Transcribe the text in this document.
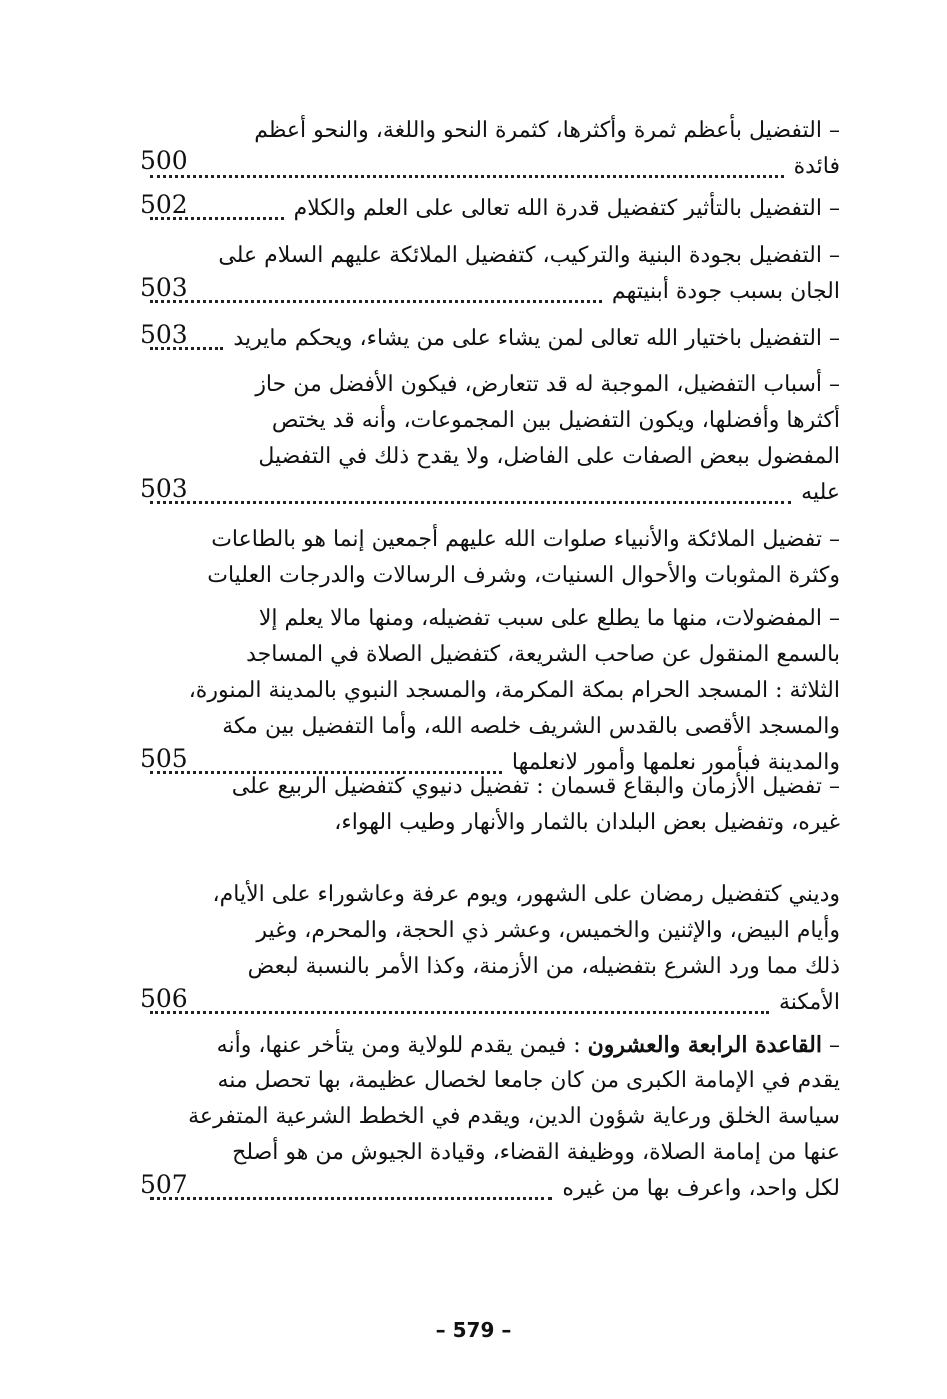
– التفضيل بأعظم ثمرة وأكثرها، كثمرة النحو واللغة، والنحو أعظم
فائدة
500
– التفضيل بالتأثير كتفضيل قدرة الله تعالى على العلم والكلام
502
– التفضيل بجودة البنية والتركيب، كتفضيل الملائكة عليهم السلام على
الجان بسبب جودة أبنيتهم
503
– التفضيل باختيار الله تعالى لمن يشاء على من يشاء، ويحكم مايريد
503
– أسباب التفضيل، الموجبة له قد تتعارض، فيكون الأفضل من حاز
أكثرها وأفضلها، ويكون التفضيل بين المجموعات، وأنه قد يختص
المفضول ببعض الصفات على الفاضل، ولا يقدح ذلك في التفضيل
عليه
503
– تفضيل الملائكة والأنبياء صلوات الله عليهم أجمعين إنما هو بالطاعات
وكثرة المثوبات والأحوال السنيات، وشرف الرسالات والدرجات العليات
– المفضولات، منها ما يطلع على سبب تفضيله، ومنها مالا يعلم إلا
بالسمع المنقول عن صاحب الشريعة، كتفضيل الصلاة في المساجد
الثلاثة : المسجد الحرام بمكة المكرمة، والمسجد النبوي بالمدينة المنورة،
والمسجد الأقصى بالقدس الشريف خلصه الله، وأما التفضيل بين مكة
والمدينة فبأمور نعلمها وأمور لانعلمها
505
– تفضيل الأزمان والبقاع قسمان : تفضيل دنيوي كتفضيل الربيع على
غيره، وتفضيل بعض البلدان بالثمار والأنهار وطيب الهواء،
وديني كتفضيل رمضان على الشهور، ويوم عرفة وعاشوراء على الأيام،
وأيام البيض، والإثنين والخميس، وعشر ذي الحجة، والمحرم، وغير
ذلك مما ورد الشرع بتفضيله، من الأزمنة، وكذا الأمر بالنسبة لبعض
الأمكنة
506
– القاعدة الرابعة والعشرون : فيمن يقدم للولاية ومن يتأخر عنها، وأنه
يقدم في الإمامة الكبرى من كان جامعا لخصال عظيمة، بها تحصل منه
سياسة الخلق ورعاية شؤون الدين، ويقدم في الخطط الشرعية المتفرعة
عنها من إمامة الصلاة، ووظيفة القضاء، وقيادة الجيوش من هو أصلح
لكل واحد، واعرف بها من غيره
507
– 579 –
